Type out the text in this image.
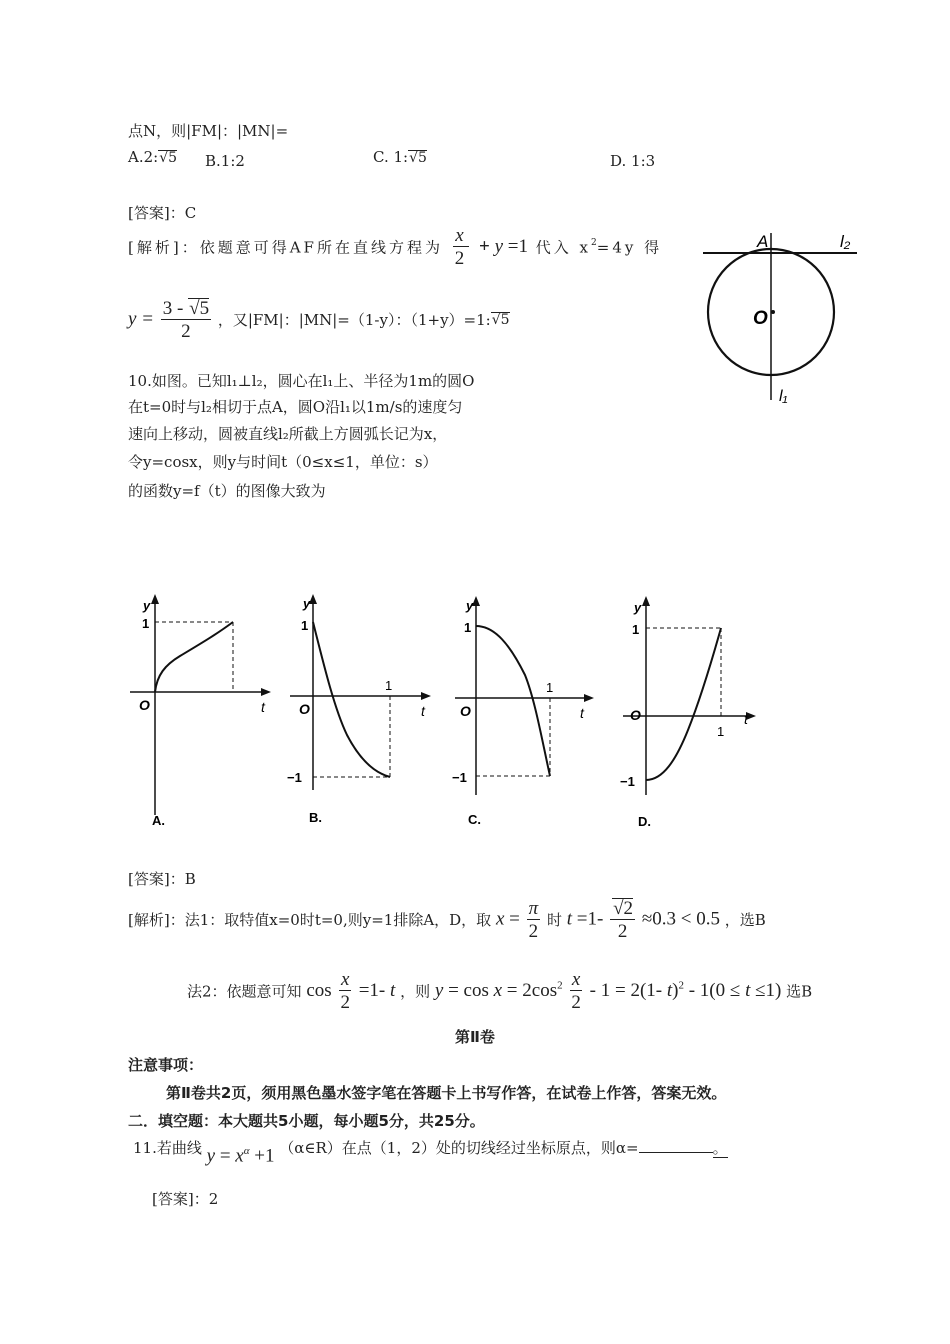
点N，则|FM|：|MN|=
A.2:√5 B.1:2	C. 1:√5	D. 1:3
[答案]：C
[解析]：依题意可得AF所在直线方程为 $\frac{x}{2} + y =1$ 代入 $x^2=4y$ 得
$y = \frac{3 - √5}{2}$ ，又|FM|：|MN|=（1-y）：（1+y）=1:√5
A	l₂
O
l₁
10.如图。已知l₁⊥l₂，圆心在l₁上、半径为1m的圆O
在t=0时与l₂相切于点A，圆O沿l₁以1m/s的速度匀
速向上移动，圆被直线l₂所截上方圆弧长记为x，
令y=cosx，则y与时间t（0≤x≤1，单位：s）
的函数y=f（t）的图像大致为
y
1
O	t
A.
y
1
1
O	t
−1
B.
y
1
1
O	t
−1
C.
y
1
1
O	t
−1
D.
[答案]：B
[解析]：法1：取特值x=0时t=0,则y=1排除A，D，取 $x = \frac{\pi}{2}$ 时 $t =1- \frac{√2}{2} \approx 0.3 < 0.5$ ，选B
法2：依题意可知 $\cos \frac{x}{2} =1-$ t ，则 $y = \cos x = 2\cos^2 \frac{x}{2} - 1 = 2(1-$ t)$^2$ - 1(0 ≤ t ≤1) 选B
第Ⅱ卷
注意事项：
第Ⅱ卷共2页，须用黑色墨水签字笔在答题卡上书写作答，在试卷上作答，答案无效。
二．填空题：本大题共5小题，每小题5分，共25分。
11.若曲线 $y = x^\alpha +1$ （α∈R）在点（1，2）处的切线经过坐标原点，则α=	。
[答案]：2
